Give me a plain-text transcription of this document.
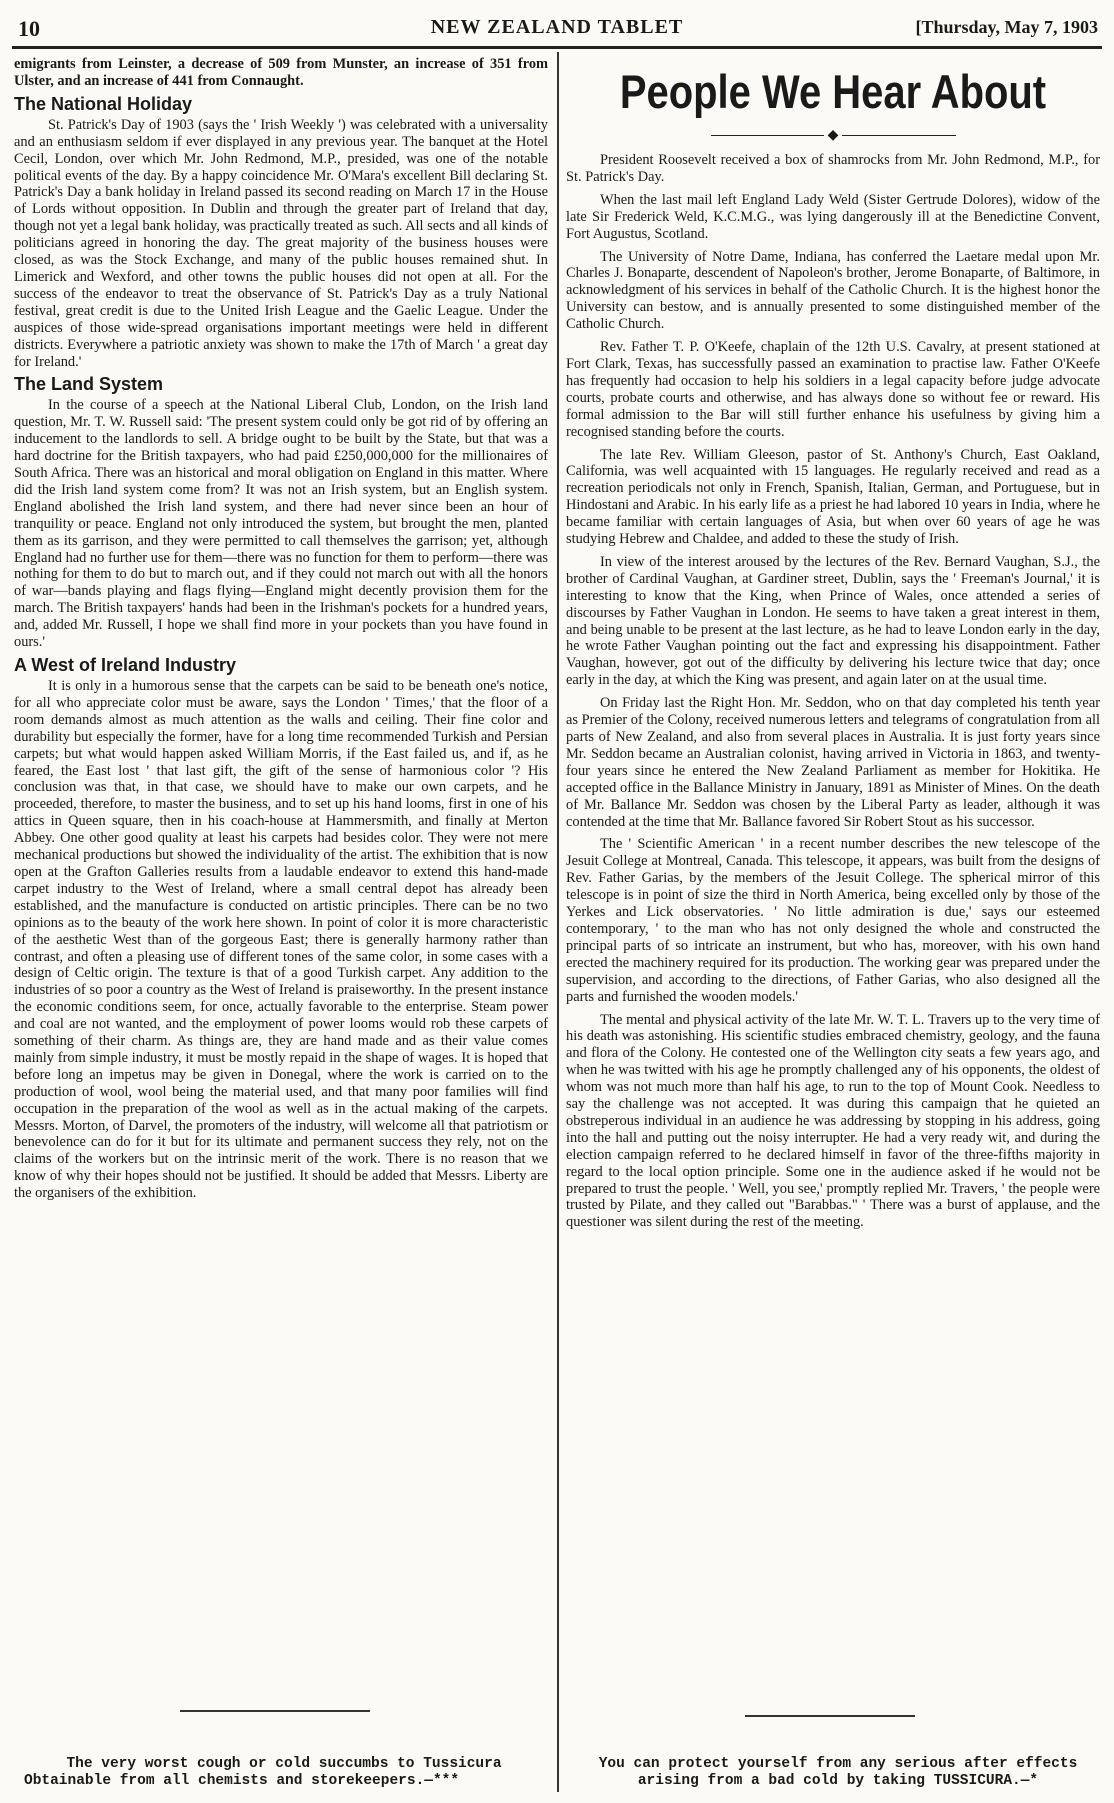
10	NEW ZEALAND TABLET	[Thursday, May 7, 1903

emigrants from Leinster, a decrease of 509 from Munster, an increase of 351 from Ulster, and an increase of 441 from Connaught.

The National Holiday

St. Patrick's Day of 1903 (says the ' Irish Weekly ') was celebrated with a universality and an enthusiasm seldom if ever displayed in any previous year. The banquet at the Hotel Cecil, London, over which Mr. John Redmond, M.P., presided, was one of the notable political events of the day. By a happy coincidence Mr. O'Mara's excellent Bill declaring St. Patrick's Day a bank holiday in Ireland passed its second reading on March 17 in the House of Lords without opposition. In Dublin and through the greater part of Ireland that day, though not yet a legal bank holiday, was practically treated as such. All sects and all kinds of politicians agreed in honoring the day. The great majority of the business houses were closed, as was the Stock Exchange, and many of the public houses remained shut. In Limerick and Wexford, and other towns the public houses did not open at all. For the success of the endeavor to treat the observance of St. Patrick's Day as a truly National festival, great credit is due to the United Irish League and the Gaelic League. Under the auspices of those wide-spread organisations important meetings were held in different districts. Everywhere a patriotic anxiety was shown to make the 17th of March ' a great day for Ireland.'

The Land System

In the course of a speech at the National Liberal Club, London, on the Irish land question, Mr. T. W. Russell said: 'The present system could only be got rid of by offering an inducement to the landlords to sell. A bridge ought to be built by the State, but that was a hard doctrine for the British taxpayers, who had paid £250,000,000 for the millionaires of South Africa. There was an historical and moral obligation on England in this matter. Where did the Irish land system come from? It was not an Irish system, but an English system. England abolished the Irish land system, and there had never since been an hour of tranquility or peace. England not only introduced the system, but brought the men, planted them as its garrison, and they were permitted to call themselves the garrison; yet, although England had no further use for them—there was no function for them to perform—there was nothing for them to do but to march out, and if they could not march out with all the honors of war—bands playing and flags flying—England might decently provision them for the march. The British taxpayers' hands had been in the Irishman's pockets for a hundred years, and, added Mr. Russell, I hope we shall find more in your pockets than you have found in ours.'

A West of Ireland Industry

It is only in a humorous sense that the carpets can be said to be beneath one's notice, for all who appreciate color must be aware, says the London ' Times,' that the floor of a room demands almost as much attention as the walls and ceiling. Their fine color and durability but especially the former, have for a long time recommended Turkish and Persian carpets; but what would happen asked William Morris, if the East failed us, and if, as he feared, the East lost ' that last gift, the gift of the sense of harmonious color '? His conclusion was that, in that case, we should have to make our own carpets, and he proceeded, therefore, to master the business, and to set up his hand looms, first in one of his attics in Queen square, then in his coach-house at Hammersmith, and finally at Merton Abbey. One other good quality at least his carpets had besides color. They were not mere mechanical productions but showed the individuality of the artist. The exhibition that is now open at the Grafton Galleries results from a laudable endeavor to extend this hand-made carpet industry to the West of Ireland, where a small central depot has already been established, and the manufacture is conducted on artistic principles. There can be no two opinions as to the beauty of the work here shown. In point of color it is more characteristic of the aesthetic West than of the gorgeous East; there is generally harmony rather than contrast, and often a pleasing use of different tones of the same color, in some cases with a design of Celtic origin. The texture is that of a good Turkish carpet. Any addition to the industries of so poor a country as the West of Ireland is praiseworthy. In the present instance the economic conditions seem, for once, actually favorable to the enterprise. Steam power and coal are not wanted, and the employment of power looms would rob these carpets of something of their charm. As things are, they are hand made and as their value comes mainly from simple industry, it must be mostly repaid in the shape of wages. It is hoped that before long an impetus may be given in Donegal, where the work is carried on to the production of wool, wool being the material used, and that many poor families will find occupation in the preparation of the wool as well as in the actual making of the carpets. Messrs. Morton, of Darvel, the promoters of the industry, will welcome all that patriotism or benevolence can do for it but for its ultimate and permanent success they rely, not on the claims of the workers but on the intrinsic merit of the work. There is no reason that we know of why their hopes should not be justified. It should be added that Messrs. Liberty are the organisers of the exhibition.

People We Hear About
◆

President Roosevelt received a box of shamrocks from Mr. John Redmond, M.P., for St. Patrick's Day.

When the last mail left England Lady Weld (Sister Gertrude Dolores), widow of the late Sir Frederick Weld, K.C.M.G., was lying dangerously ill at the Benedictine Convent, Fort Augustus, Scotland.

The University of Notre Dame, Indiana, has conferred the Laetare medal upon Mr. Charles J. Bonaparte, descendent of Napoleon's brother, Jerome Bonaparte, of Baltimore, in acknowledgment of his services in behalf of the Catholic Church. It is the highest honor the University can bestow, and is annually presented to some distinguished member of the Catholic Church.

Rev. Father T. P. O'Keefe, chaplain of the 12th U.S. Cavalry, at present stationed at Fort Clark, Texas, has successfully passed an examination to practise law. Father O'Keefe has frequently had occasion to help his soldiers in a legal capacity before judge advocate courts, probate courts and otherwise, and has always done so without fee or reward. His formal admission to the Bar will still further enhance his usefulness by giving him a recognised standing before the courts.

The late Rev. William Gleeson, pastor of St. Anthony's Church, East Oakland, California, was well acquainted with 15 languages. He regularly received and read as a recreation periodicals not only in French, Spanish, Italian, German, and Portuguese, but in Hindostani and Arabic. In his early life as a priest he had labored 10 years in India, where he became familiar with certain languages of Asia, but when over 60 years of age he was studying Hebrew and Chaldee, and added to these the study of Irish.

In view of the interest aroused by the lectures of the Rev. Bernard Vaughan, S.J., the brother of Cardinal Vaughan, at Gardiner street, Dublin, says the ' Freeman's Journal,' it is interesting to know that the King, when Prince of Wales, once attended a series of discourses by Father Vaughan in London. He seems to have taken a great interest in them, and being unable to be present at the last lecture, as he had to leave London early in the day, he wrote Father Vaughan pointing out the fact and expressing his disappointment. Father Vaughan, however, got out of the difficulty by delivering his lecture twice that day; once early in the day, at which the King was present, and again later on at the usual time.

On Friday last the Right Hon. Mr. Seddon, who on that day completed his tenth year as Premier of the Colony, received numerous letters and telegrams of congratulation from all parts of New Zealand, and also from several places in Australia. It is just forty years since Mr. Seddon became an Australian colonist, having arrived in Victoria in 1863, and twenty-four years since he entered the New Zealand Parliament as member for Hokitika. He accepted office in the Ballance Ministry in January, 1891 as Minister of Mines. On the death of Mr. Ballance Mr. Seddon was chosen by the Liberal Party as leader, although it was contended at the time that Mr. Ballance favored Sir Robert Stout as his successor.

The ' Scientific American ' in a recent number describes the new telescope of the Jesuit College at Montreal, Canada. This telescope, it appears, was built from the designs of Rev. Father Garias, by the members of the Jesuit College. The spherical mirror of this telescope is in point of size the third in North America, being excelled only by those of the Yerkes and Lick observatories. ' No little admiration is due,' says our esteemed contemporary, ' to the man who has not only designed the whole and constructed the principal parts of so intricate an instrument, but who has, moreover, with his own hand erected the machinery required for its production. The working gear was prepared under the supervision, and according to the directions, of Father Garias, who also designed all the parts and furnished the wooden models.'

The mental and physical activity of the late Mr. W. T. L. Travers up to the very time of his death was astonishing. His scientific studies embraced chemistry, geology, and the fauna and flora of the Colony. He contested one of the Wellington city seats a few years ago, and when he was twitted with his age he promptly challenged any of his opponents, the oldest of whom was not much more than half his age, to run to the top of Mount Cook. Needless to say the challenge was not accepted. It was during this campaign that he quieted an obstreperous individual in an audience he was addressing by stopping in his address, going into the hall and putting out the noisy interrupter. He had a very ready wit, and during the election campaign referred to he declared himself in favor of the three-fifths majority in regard to the local option principle. Some one in the audience asked if he would not be prepared to trust the people. ' Well, you see,' promptly replied Mr. Travers, ' the people were trusted by Pilate, and they called out "Barabbas." ' There was a burst of applause, and the questioner was silent during the rest of the meeting.

The very worst cough or cold succumbs to Tussicura
Obtainable from all chemists and storekeepers.—***
You can protect yourself from any serious after effects arising from a bad cold by taking TUSSICURA.—*
